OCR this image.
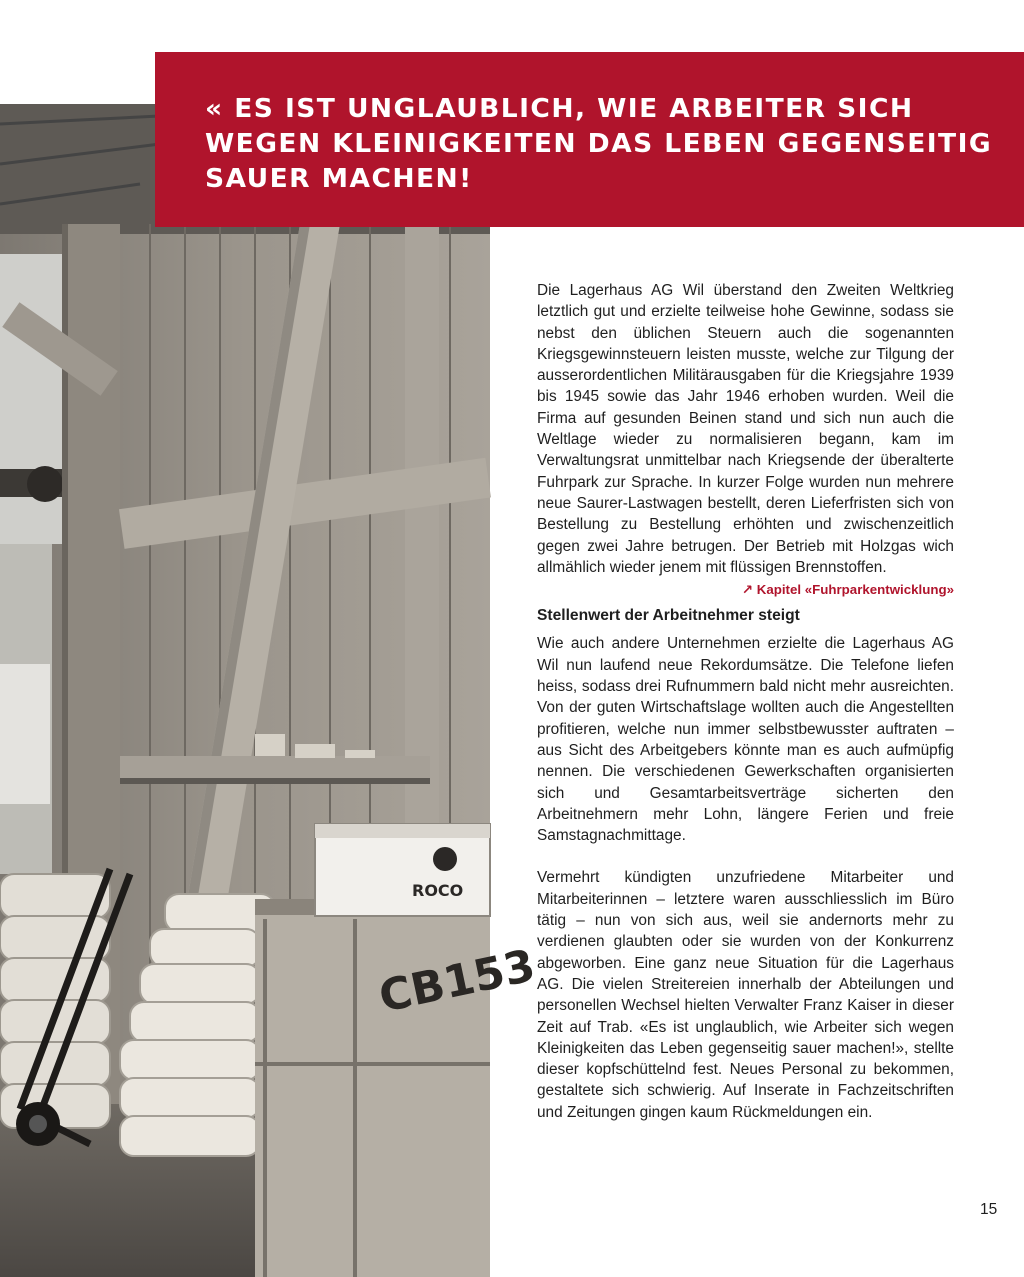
CB153
ROCO

« ES IST UNGLAUBLICH, WIE ARBEITER SICH WEGEN KLEINIGKEITEN DAS LEBEN GEGENSEITIG SAUER MACHEN!

Die Lagerhaus AG Wil überstand den Zweiten Weltkrieg letztlich gut und erzielte teilweise hohe Gewinne, sodass sie nebst den üblichen Steuern auch die sogenannten Kriegsgewinnsteuern leisten musste, welche zur Tilgung der ausserordentlichen Militärausgaben für die Kriegsjahre 1939 bis 1945 sowie das Jahr 1946 erhoben wurden. Weil die Firma auf gesunden Beinen stand und sich nun auch die Weltlage wieder zu normalisieren begann, kam im Verwaltungsrat unmittelbar nach Kriegsende der überalterte Fuhrpark zur Sprache. In kurzer Folge wurden nun mehrere neue Saurer-Lastwagen bestellt, deren Lieferfristen sich von Bestellung zu Bestellung erhöhten und zwischenzeitlich gegen zwei Jahre betrugen. Der Betrieb mit Holzgas wich allmählich wieder jenem mit flüssigen Brennstoffen.
↗ Kapitel «Fuhrparkentwicklung»

Stellenwert der Arbeitnehmer steigt

Wie auch andere Unternehmen erzielte die Lagerhaus AG Wil nun laufend neue Rekordumsätze. Die Telefone liefen heiss, sodass drei Rufnummern bald nicht mehr ausreichten. Von der guten Wirtschaftslage wollten auch die Angestellten profitieren, welche nun immer selbstbewusster auftraten – aus Sicht des Arbeitgebers könnte man es auch aufmüpfig nennen. Die verschiedenen Gewerkschaften organisierten sich und Gesamtarbeitsverträge sicherten den Arbeitnehmern mehr Lohn, längere Ferien und freie Samstagnachmittage.

Vermehrt kündigten unzufriedene Mitarbeiter und Mitarbeiterinnen – letztere waren ausschliesslich im Büro tätig – nun von sich aus, weil sie andernorts mehr zu verdienen glaubten oder sie wurden von der Konkurrenz abgeworben. Eine ganz neue Situation für die Lagerhaus AG. Die vielen Streitereien innerhalb der Abteilungen und personellen Wechsel hielten Verwalter Franz Kaiser in dieser Zeit auf Trab. «Es ist unglaublich, wie Arbeiter sich wegen Kleinigkeiten das Leben gegenseitig sauer machen!», stellte dieser kopfschüttelnd fest. Neues Personal zu bekommen, gestaltete sich schwierig. Auf Inserate in Fachzeitschriften und Zeitungen gingen kaum Rückmeldungen ein.

15
